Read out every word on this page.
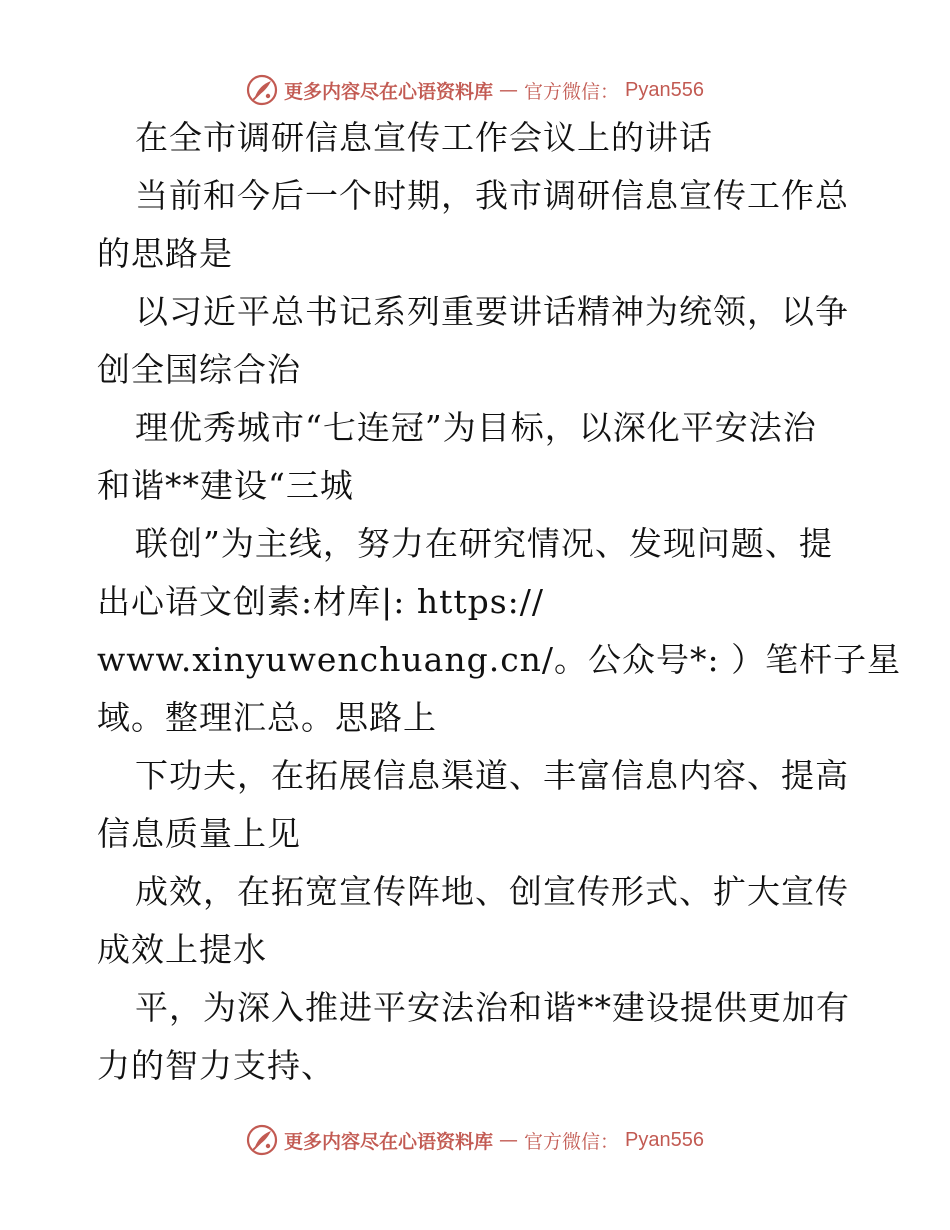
更多内容尽在心语资料库 — 官方微信： Pyan556
在全市调研信息宣传工作会议上的讲话
当前和今后一个时期，我市调研信息宣传工作总
的思路是
以习近平总书记系列重要讲话精神为统领，以争
创全国综合治
理优秀城市“七连冠”为目标，以深化平安法治
和谐**建设“三城
联创”为主线，努力在研究情况、发现问题、提
出心语文创素:材库|: https://
www.xinyuwenchuang.cn/。公众号*: ）笔杆子星
域。整理汇总。思路上
下功夫，在拓展信息渠道、丰富信息内容、提高
信息质量上见
成效，在拓宽宣传阵地、创宣传形式、扩大宣传
成效上提水
平，为深入推进平安法治和谐**建设提供更加有
力的智力支持、
更多内容尽在心语资料库 — 官方微信： Pyan556
